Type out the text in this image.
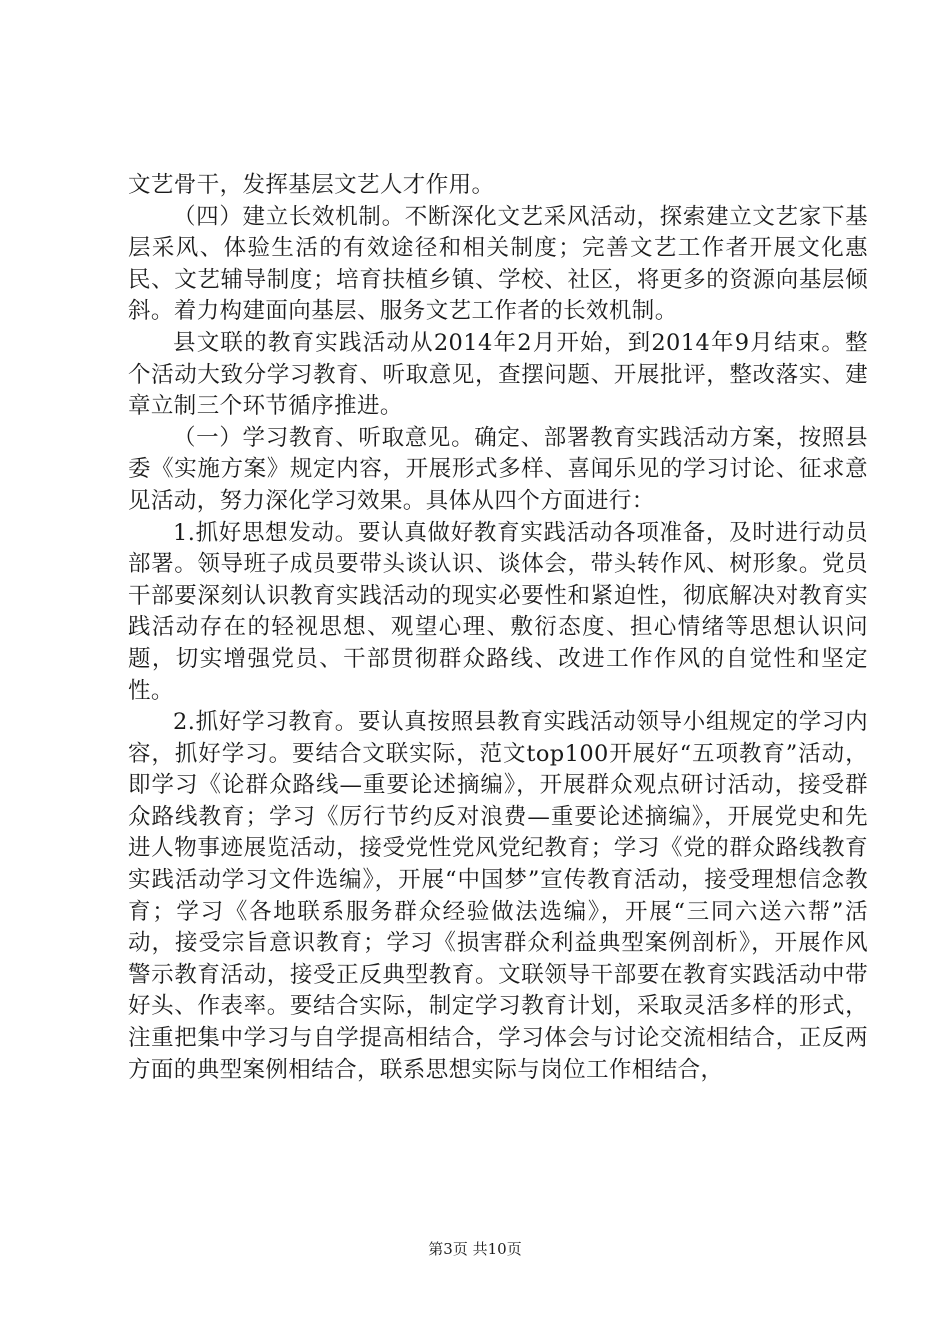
文艺骨干，发挥基层文艺人才作用。

（四）建立长效机制。不断深化文艺采风活动，探索建立文艺家下基层采风、体验生活的有效途径和相关制度；完善文艺工作者开展文化惠民、文艺辅导制度；培育扶植乡镇、学校、社区，将更多的资源向基层倾斜。着力构建面向基层、服务文艺工作者的长效机制。

县文联的教育实践活动从2014年2月开始，到2014年9月结束。整个活动大致分学习教育、听取意见，查摆问题、开展批评，整改落实、建章立制三个环节循序推进。

（一）学习教育、听取意见。确定、部署教育实践活动方案，按照县委《实施方案》规定内容，开展形式多样、喜闻乐见的学习讨论、征求意见活动，努力深化学习效果。具体从四个方面进行：

1.抓好思想发动。要认真做好教育实践活动各项准备，及时进行动员部署。领导班子成员要带头谈认识、谈体会，带头转作风、树形象。党员干部要深刻认识教育实践活动的现实必要性和紧迫性，彻底解决对教育实践活动存在的轻视思想、观望心理、敷衍态度、担心情绪等思想认识问题，切实增强党员、干部贯彻群众路线、改进工作作风的自觉性和坚定性。

2.抓好学习教育。要认真按照县教育实践活动领导小组规定的学习内容，抓好学习。要结合文联实际，范文top100开展好“五项教育”活动，即学习《论群众路线—重要论述摘编》，开展群众观点研讨活动，接受群众路线教育；学习《厉行节约反对浪费—重要论述摘编》，开展党史和先进人物事迹展览活动，接受党性党风党纪教育；学习《党的群众路线教育实践活动学习文件选编》，开展“中国梦”宣传教育活动，接受理想信念教育；学习《各地联系服务群众经验做法选编》，开展“三同六送六帮”活动，接受宗旨意识教育；学习《损害群众利益典型案例剖析》，开展作风警示教育活动，接受正反典型教育。文联领导干部要在教育实践活动中带好头、作表率。要结合实际，制定学习教育计划，采取灵活多样的形式，注重把集中学习与自学提高相结合，学习体会与讨论交流相结合，正反两方面的典型案例相结合，联系思想实际与岗位工作相结合，

第3页 共10页
